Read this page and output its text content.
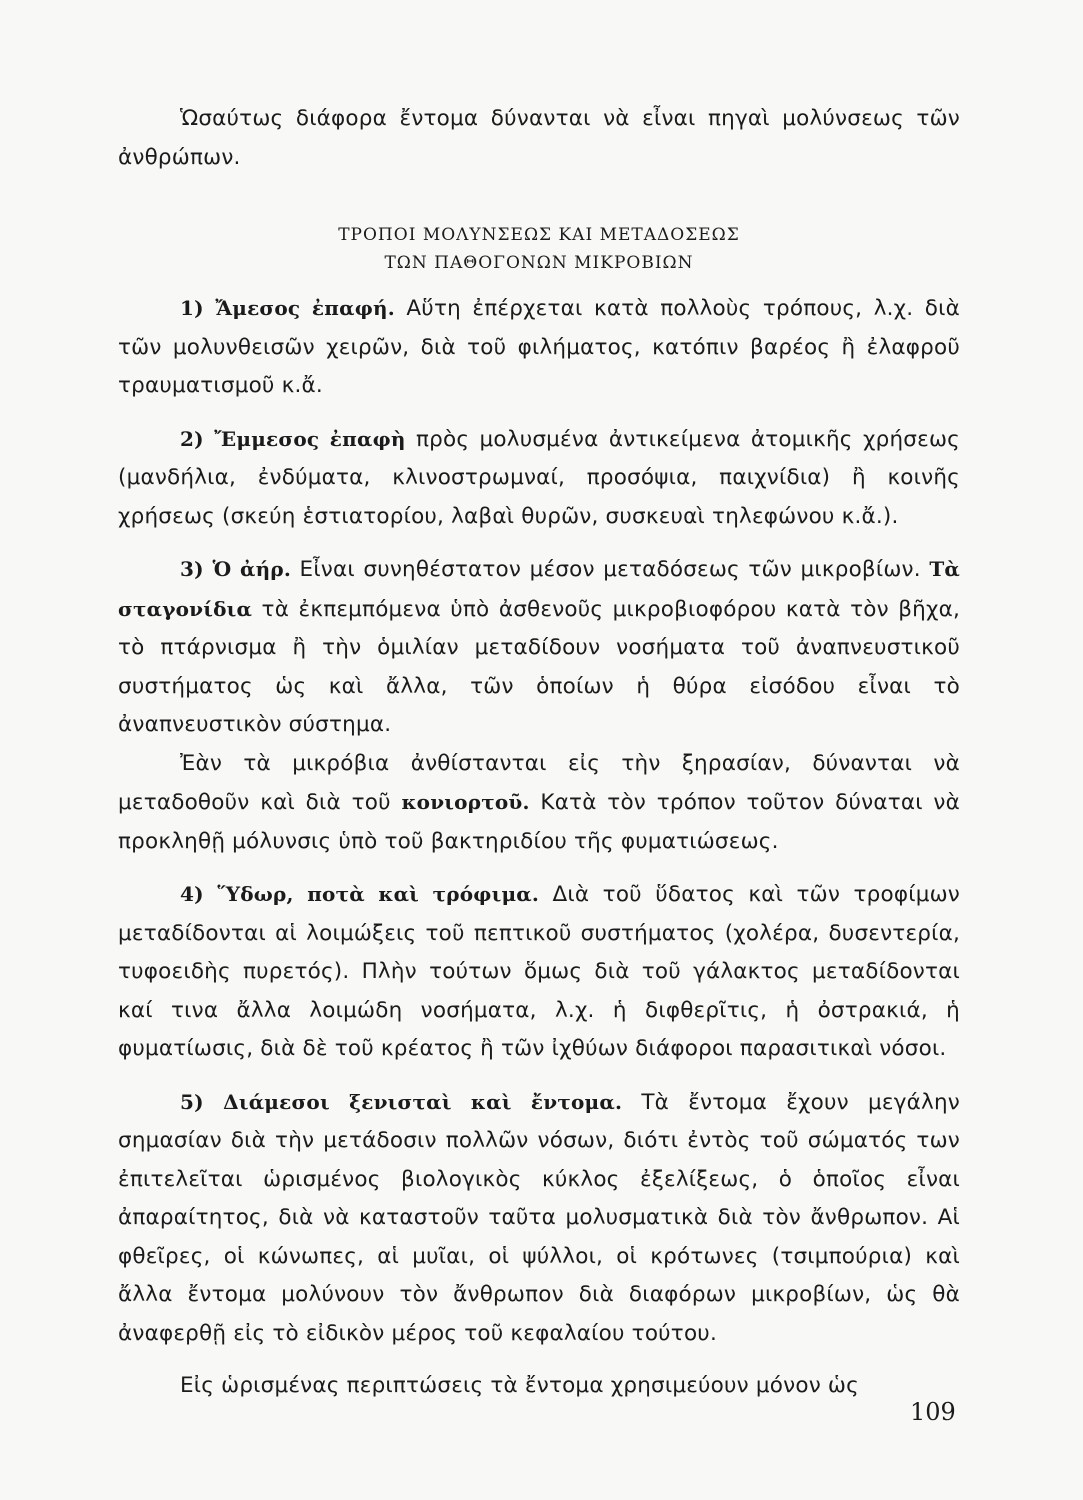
Ὡσαύτως διάφορα ἔντομα δύνανται νὰ εἶναι πηγαὶ μολύνσεως τῶν ἀνθρώπων.

ΤΡΟΠΟΙ ΜΟΛΥΝΣΕΩΣ ΚΑΙ ΜΕΤΑΔΟΣΕΩΣ
ΤΩΝ ΠΑΘΟΓΟΝΩΝ ΜΙΚΡΟΒΙΩΝ

1) Ἄμεσος ἐπαφή. Αὕτη ἐπέρχεται κατὰ πολλοὺς τρόπους, λ.χ. διὰ τῶν μολυνθεισῶν χειρῶν, διὰ τοῦ φιλήματος, κατόπιν βαρέος ἢ ἐλαφροῦ τραυματισμοῦ κ.ἄ.

2) Ἔμμεσος ἐπαφὴ πρὸς μολυσμένα ἀντικείμενα ἀτομικῆς χρήσεως (μανδήλια, ἐνδύματα, κλινοστρωμναί, προσόψια, παιχνίδια) ἢ κοινῆς χρήσεως (σκεύη ἑστιατορίου, λαβαὶ θυρῶν, συσκευαὶ τηλεφώνου κ.ἄ.).

3) Ὁ ἀήρ. Εἶναι συνηθέστατον μέσον μεταδόσεως τῶν μικροβίων. Τὰ σταγονίδια τὰ ἐκπεμπόμενα ὑπὸ ἀσθενοῦς μικροβιοφόρου κατὰ τὸν βῆχα, τὸ πτάρνισμα ἢ τὴν ὁμιλίαν μεταδίδουν νοσήματα τοῦ ἀναπνευστικοῦ συστήματος ὡς καὶ ἄλλα, τῶν ὁποίων ἡ θύρα εἰσόδου εἶναι τὸ ἀναπνευστικὸν σύστημα.

Ἐὰν τὰ μικρόβια ἀνθίστανται εἰς τὴν ξηρασίαν, δύνανται νὰ μεταδοθοῦν καὶ διὰ τοῦ κονιορτοῦ. Κατὰ τὸν τρόπον τοῦτον δύναται νὰ προκληθῇ μόλυνσις ὑπὸ τοῦ βακτηριδίου τῆς φυματιώσεως.

4) Ὕδωρ, ποτὰ καὶ τρόφιμα. Διὰ τοῦ ὕδατος καὶ τῶν τροφίμων μεταδίδονται αἱ λοιμώξεις τοῦ πεπτικοῦ συστήματος (χολέρα, δυσεντερία, τυφοειδὴς πυρετός). Πλὴν τούτων ὅμως διὰ τοῦ γάλακτος μεταδίδονται καί τινα ἄλλα λοιμώδη νοσήματα, λ.χ. ἡ διφθερῖτις, ἡ ὀστρακιά, ἡ φυματίωσις, διὰ δὲ τοῦ κρέατος ἢ τῶν ἰχθύων διάφοροι παρασιτικαὶ νόσοι.

5) Διάμεσοι ξενισταὶ καὶ ἔντομα. Τὰ ἔντομα ἔχουν μεγάλην σημασίαν διὰ τὴν μετάδοσιν πολλῶν νόσων, διότι ἐντὸς τοῦ σώματός των ἐπιτελεῖται ὡρισμένος βιολογικὸς κύκλος ἐξελίξεως, ὁ ὁποῖος εἶναι ἀπαραίτητος, διὰ νὰ καταστοῦν ταῦτα μολυσματικὰ διὰ τὸν ἄνθρωπον. Αἱ φθεῖρες, οἱ κώνωπες, αἱ μυῖαι, οἱ ψύλλοι, οἱ κρότωνες (τσιμπούρια) καὶ ἄλλα ἔντομα μολύνουν τὸν ἄνθρωπον διὰ διαφόρων μικροβίων, ὡς θὰ ἀναφερθῇ εἰς τὸ εἰδικὸν μέρος τοῦ κεφαλαίου τούτου.

Εἰς ὡρισμένας περιπτώσεις τὰ ἔντομα χρησιμεύουν μόνον ὡς

109
